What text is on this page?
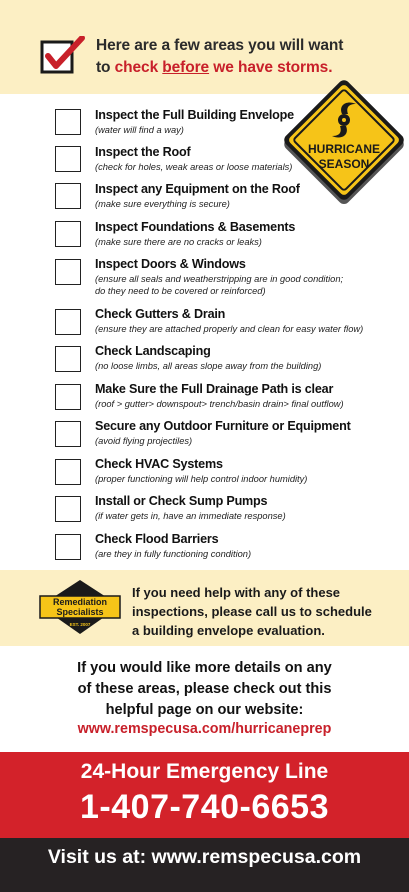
Here are a few areas you will want
to check before we have storms.
Inspect the Full Building Envelope
(water will find a way)
Inspect the Roof
(check for holes, weak areas or loose materials)
Inspect any Equipment on the Roof
(make sure everything is secure)
Inspect Foundations & Basements
(make sure there are no cracks or leaks)
Inspect Doors & Windows
(ensure all seals and weatherstripping are in good condition;
do they need to be covered or reinforced)
Check Gutters & Drain
(ensure they are attached properly and clean for easy water flow)
Check Landscaping
(no loose limbs, all areas slope away from the building)
Make Sure the Full Drainage Path is clear
(roof > gutter> downspout> trench/basin drain> final outflow)
Secure any Outdoor Furniture or Equipment
(avoid flying projectiles)
Check HVAC Systems
(proper functioning will help control indoor humidity)
Install or Check Sump Pumps
(if water gets in, have an immediate response)
Check Flood Barriers
(are they in fully functioning condition)
HURRICANE
SEASON
Remediation
Specialists
EST. 2007
If you need help with any of these
inspections, please call us to schedule
a building envelope evaluation.
If you would like more details on any
of these areas, please check out this
helpful page on our website:
www.remspecusa.com/hurricaneprep
24-Hour Emergency Line
1-407-740-6653
Visit us at: www.remspecusa.com
